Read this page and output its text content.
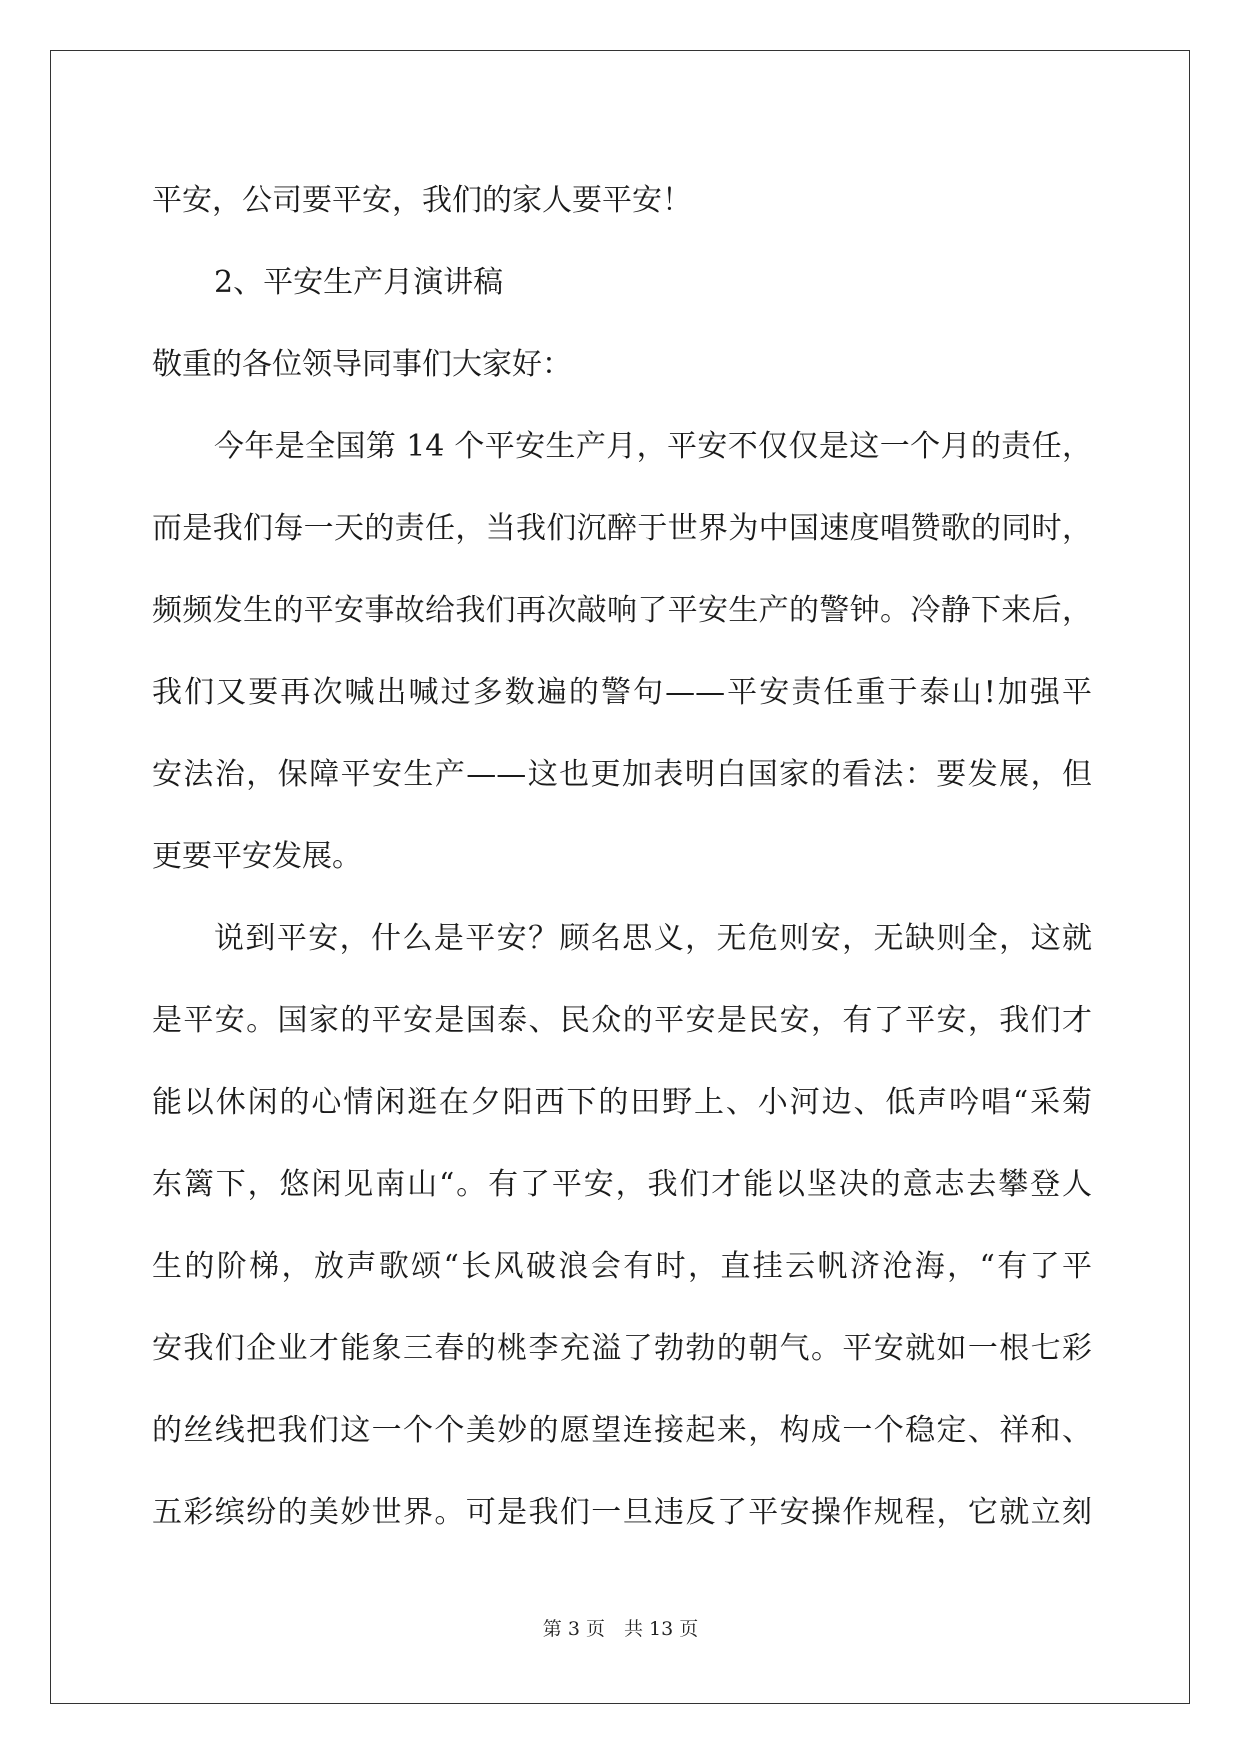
平安，公司要平安，我们的家人要平安！
2、平安生产月演讲稿
敬重的各位领导同事们大家好：
今年是全国第 14 个平安生产月，平安不仅仅是这一个月的责任，
而是我们每一天的责任，当我们沉醉于世界为中国速度唱赞歌的同时，
频频发生的平安事故给我们再次敲响了平安生产的警钟。冷静下来后，
我们又要再次喊出喊过多数遍的警句——平安责任重于泰山!加强平
安法治，保障平安生产——这也更加表明白国家的看法：要发展，但
更要平安发展。
说到平安，什么是平安？顾名思义，无危则安，无缺则全，这就
是平安。国家的平安是国泰、民众的平安是民安，有了平安，我们才
能以休闲的心情闲逛在夕阳西下的田野上、小河边、低声吟唱“采菊
东篱下，悠闲见南山“。有了平安，我们才能以坚决的意志去攀登人
生的阶梯，放声歌颂“长风破浪会有时，直挂云帆济沧海，“有了平
安我们企业才能象三春的桃李充溢了勃勃的朝气。平安就如一根七彩
的丝线把我们这一个个美妙的愿望连接起来，构成一个稳定、祥和、
五彩缤纷的美妙世界。可是我们一旦违反了平安操作规程，它就立刻
第 3 页　共 13 页
